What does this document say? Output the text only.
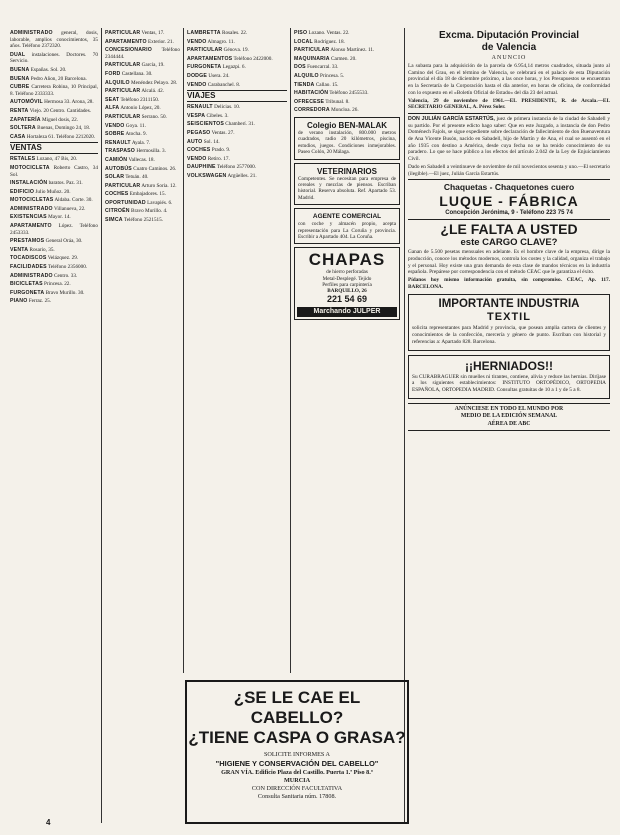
ADMINISTRADO general, dosis, laborable, amplios conocimientos, 35 años. Teléfono 2372320.
DUAL instalaciones. Doctores. 70 Servicio.
BUENA Españas. Sol. 20.
BUENA Pedro Añon, 20 Barcelona.
CUBRE Carretera Robina, 10 Principal, 8. Teléfono 2333333.
AUTOMÓVIL Hermosa 33. Arona, 28.
RENTA Viejo. 20 Centro. Cantidades.
ZAPATERÍA Miguel dosis, 22.
SOLTERA Buenas, Domingo 24, 18.
CASA Hortaleza 61. Teléfono 2212020.
VENTAS
RETALES Lozano, 47 Bis, 20.
MOTOCICLETA Roberto Castro, 34 Sol.
INSTALACIÓN baratos. Paz. 31.
EDIFICIO Julio Muñoz. 20.
MOTOCICLETAS Aldaba. Corte. 30.
ADMINISTRADO Villanueva, 22.
EXISTENCIAS Mayor. 14.
APARTAMENTO López. Teléfono 2453333.
PRESTAMOS General Oráa, 30.
VENTA Rosario, 35.
TOCADISCOS Velázquez. 29.
FACILIDADES Teléfono 2356000.
ADMINISTRADO Centro. 33.
BICICLETAS Princesa. 22.
FURGONETA Bravo Murillo. 30.
PIANO Ferraz. 25.
PARTICULAR Ventas, 17.
APARTAMENTO Exterior. 21.
CONCESIONARIO Teléfono 2344444.
PARTICULAR García, 19.
FORD Castellana. 30.
ALQUILO Menéndez Pelayo. 28.
PARTICULAR Alcalá. 42.
SEAT Teléfono 2311150.
ALFA Antonio López, 20.
PARTICULAR Serrano. 50.
VENDO Goya. 11.
SOBRE Atocha. 9.
RENAULT Ayala. 7.
TRASPASO Hermosilla. 3.
CAMIÓN Vallecas. 18.
AUTOBÚS Cuatro Caminos. 26.
SOLAR Tetuán. 40.
PARTICULAR Arturo Soria. 12.
COCHES Embajadores. 15.
OPORTUNIDAD Lavapiés. 6.
CITROËN Bravo Murillo. 4.
SIMCA Teléfono 2521515.
LAMBRETTA Rosales. 22.
VENDO Almagro. 11.
PARTICULAR Génova. 19.
APARTAMENTOS Teléfono 2422000.
FURGONETA Legazpi. 6.
DODGE Usera. 24.
VENDO Carabanchel. 8.
VIAJES
RENAULT Delicias. 10.
VESPA Cibeles. 3.
SEISCIENTOS Chamberí. 31.
PEGASO Ventas. 27.
AUTO Sol. 14.
COCHES Prado. 9.
VENDO Retiro. 17.
DAUPHINE Teléfono 2577000.
VOLKSWAGEN Argüelles. 21.
PISO Lozano. Ventas. 22.
LOCAL Rodríguez. 18.
PARTICULAR Alonso Martínez. 11.
MAQUINARIA Carmen. 20.
DOS Fuencarral. 33.
ALQUILO Princesa. 5.
TIENDA Callao. 15.
HABITACIÓN Teléfono 2455533.
OFRECESE Tribunal. 8.
CORREDORA Moncloa. 26.
Colegio BEN-MALAK
de verano instalación, 800.000 metros cuadrados, radio 20 kilómetros, piscina, estudios, juegos. Condiciones inmejorables. Paseo Colón, 20 Málaga.
VETERINARIOS
Competentes. Se necesitan para empresa de cereales y mezclas de piensos. Escriban historial. Reserva absoluta. Ref. Apartado 53. Madrid.
AGENTE COMERCIAL
con coche y almacén propio, acepta representación para La Coruña y provincia. Escribir a Apartado 404. La Coruña.
CHAPAS
de hierro perforadas
Metal-Desplegé. Tejido
Perfiles para carpintería
BARQUILLO, 26
221 54 69
Marchando JULPER
Excma. Diputación Provincial
de Valencia
ANUNCIO
La subasta para la adquisición de la parcela de 6.954,14 metros cuadrados, situada junto al Camino del Grau, en el término de Valencia, se celebrará en el palacio de esta Diputación provincial el día 18 de diciembre próximo, a las once horas, y los Presupuestos se encuentran en la Secretaría de la Corporación hasta el día anterior, en horas de oficina, de conformidad con lo expuesto en el «Boletín Oficial de Estado» del día 23 del actual.
Valencia, 29 de noviembre de 1961.—EL PRESIDENTE, R. de Arcala.—EL SECRETARIO GENERAL, A. Pérez Soler.
DON JULIÁN GARCÍA ESTARTÚS, juez de primera instancia de la ciudad de Sabadell y su partido. Por el presente edicto hago saber: Que en este Juzgado, a instancia de don Pedro Doménech Fajols, se sigue expediente sobre declaración de fallecimiento de don Buenaventura de Ana Vicente Busón, nacido en Sabadell, hijo de Martín y de Ana, el cual se ausentó en el año 1935 con destino a América, desde cuya fecha no se ha tenido conocimiento de su paradero. Lo que se hace público a los efectos del artículo 2.042 de la Ley de Enjuiciamiento Civil.
Dado en Sabadell a veintinueve de noviembre de mil novecientos sesenta y uno.—El secretario (ilegible).—El juez, Julián García Estartús.
Chaquetas - Chaquetones cuero
LUQUE - FÁBRICA
Concepción Jerónima, 9 - Teléfono 223 75 74
¿LE FALTA A USTED
este CARGO CLAVE?
Ganan de 5.500 pesetas mensuales en adelante. Es el hombre clave de la empresa, dirige la producción, conoce los métodos modernos, controla los costes y la calidad, organiza el trabajo y el personal. Hoy existe una gran demanda de esta clase de mandos técnicos en la industria española. Prepárese por correspondencia con el método CEAC que le garantiza el éxito.
Pídanos hoy mismo información gratuita, sin compromiso. CEAC, Ap. 117. BARCELONA.
IMPORTANTE INDUSTRIA
TEXTIL
solicita representantes para Madrid y provincia, que posean amplia cartera de clientes y conocimientos de la confección, mercería y género de punto. Escriban con historial y referencias a: Apartado 828. Barcelona.
¡¡HERNIADOS!!
Su CURABRAGUER sin muelles ni tirantes, contiene, alivia y reduce las hernias. Diríjase a los siguientes establecimientos: INSTITUTO ORTOPÉDICO, ORTOPEDIA ESPAÑOLA, ORTOPEDIA MADRID. Consultas gratuitas de 10 a 1 y de 5 a 8.
ANÚNCIESE EN TODO EL MUNDO POR
MEDIO DE LA EDICIÓN SEMANAL
AÉREA DE ABC
¿SE LE CAE EL CABELLO?
¿TIENE CASPA O GRASA?
SOLICITE INFORMES A
"HIGIENE Y CONSERVACIÓN DEL CABELLO"
GRAN VÍA. Edificio Plaza del Castillo. Puerta 1.ª Piso 8.º
MURCIA
CON DIRECCIÓN FACULTATIVA
Consulta Sanitaria núm. 17808.
4
